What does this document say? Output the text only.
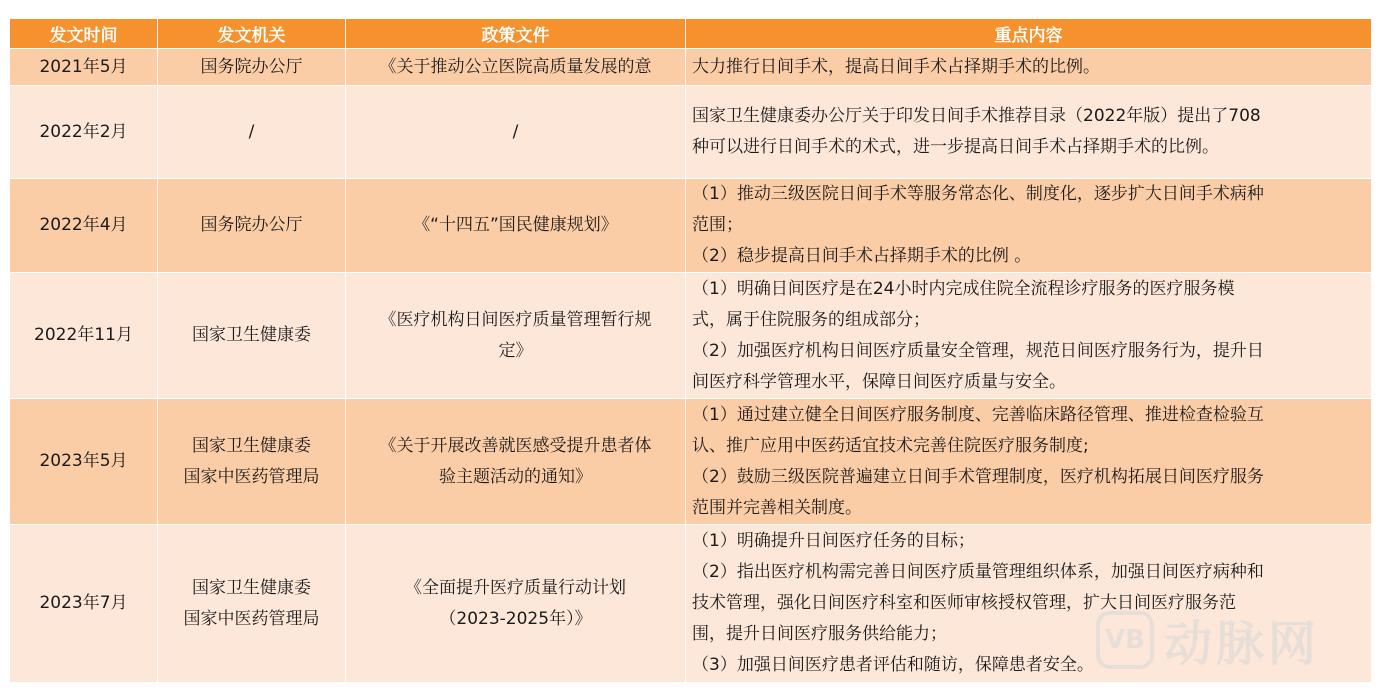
发文时间	发文机关	政策文件	重点内容
2021年5月	国务院办公厅	《关于推动公立医院高质量发展的意	大力推行日间手术，提高日间手术占择期手术的比例。

2022年2月	/	/	国家卫生健康委办公厅关于印发日间手术推荐目录（2022年版）提出了708
种可以进行日间手术的术式，进一步提高日间手术占择期手术的比例。

2022年4月	国务院办公厅	《“十四五”国民健康规划》	（1）推动三级医院日间手术等服务常态化、制度化，逐步扩大日间手术病种
范围；
（2）稳步提高日间手术占择期手术的比例 。

2022年11月	国家卫生健康委	《医疗机构日间医疗质量管理暂行规
定》	（1）明确日间医疗是在24小时内完成住院全流程诊疗服务的医疗服务模
式，属于住院服务的组成部分；
（2）加强医疗机构日间医疗质量安全管理，规范日间医疗服务行为，提升日
间医疗科学管理水平，保障日间医疗质量与安全。

2023年5月	国家卫生健康委
国家中医药管理局	《关于开展改善就医感受提升患者体
验主题活动的通知》	（1）通过建立健全日间医疗服务制度、完善临床路径管理、推进检查检验互
认、推广应用中医药适宜技术完善住院医疗服务制度;
（2）鼓励三级医院普遍建立日间手术管理制度，医疗机构拓展日间医疗服务
范围并完善相关制度。

2023年7月	国家卫生健康委
国家中医药管理局	《全面提升医疗质量行动计划
（2023-2025年）》	（1）明确提升日间医疗任务的目标；
（2）指出医疗机构需完善日间医疗质量管理组织体系，加强日间医疗病种和
技术管理，强化日间医疗科室和医师审核授权管理，扩大日间医疗服务范
围，提升日间医疗服务供给能力；
（3）加强日间医疗患者评估和随访，保障患者安全。
VB 动脉网
